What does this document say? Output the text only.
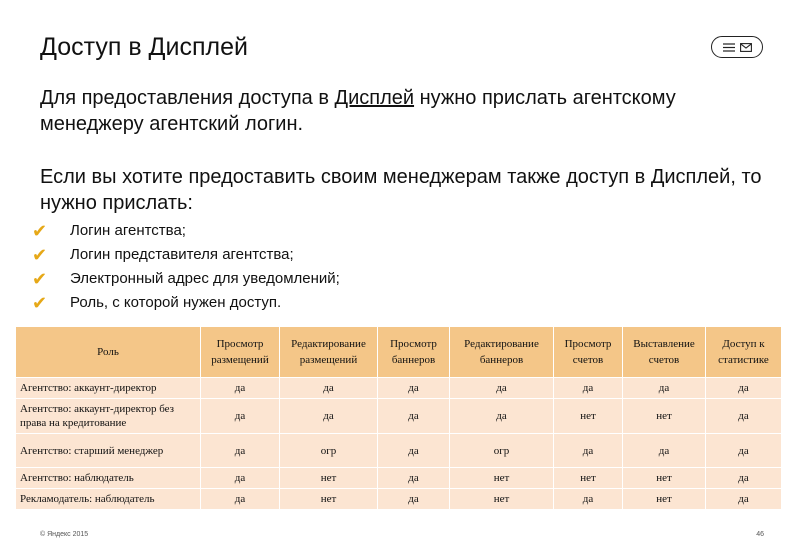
Доступ в Дисплей

Для предоставления доступа в Дисплей нужно прислать агентскому менеджеру агентский логин.

Если вы хотите предоставить своим менеджерам также доступ в Дисплей, то нужно прислать:

✔	Логин агентства;
✔	Логин представителя агентства;
✔	Электронный адрес для уведомлений;
✔	Роль, с которой нужен доступ.
Роль	Просмотр размещений	Редактирование размещений	Просмотр баннеров	Редактирование баннеров	Просмотр счетов	Выставление счетов	Доступ к статистике
Агентство: аккаунт-директор	да	да	да	да	да	да	да
Агентство: аккаунт-директор без права на кредитование	да	да	да	да	нет	нет	да
Агентство: старший менеджер	да	огр	да	огр	да	да	да
Агентство: наблюдатель	да	нет	да	нет	нет	нет	да
Рекламодатель: наблюдатель	да	нет	да	нет	да	нет	да
© Яндекс 2015	46
